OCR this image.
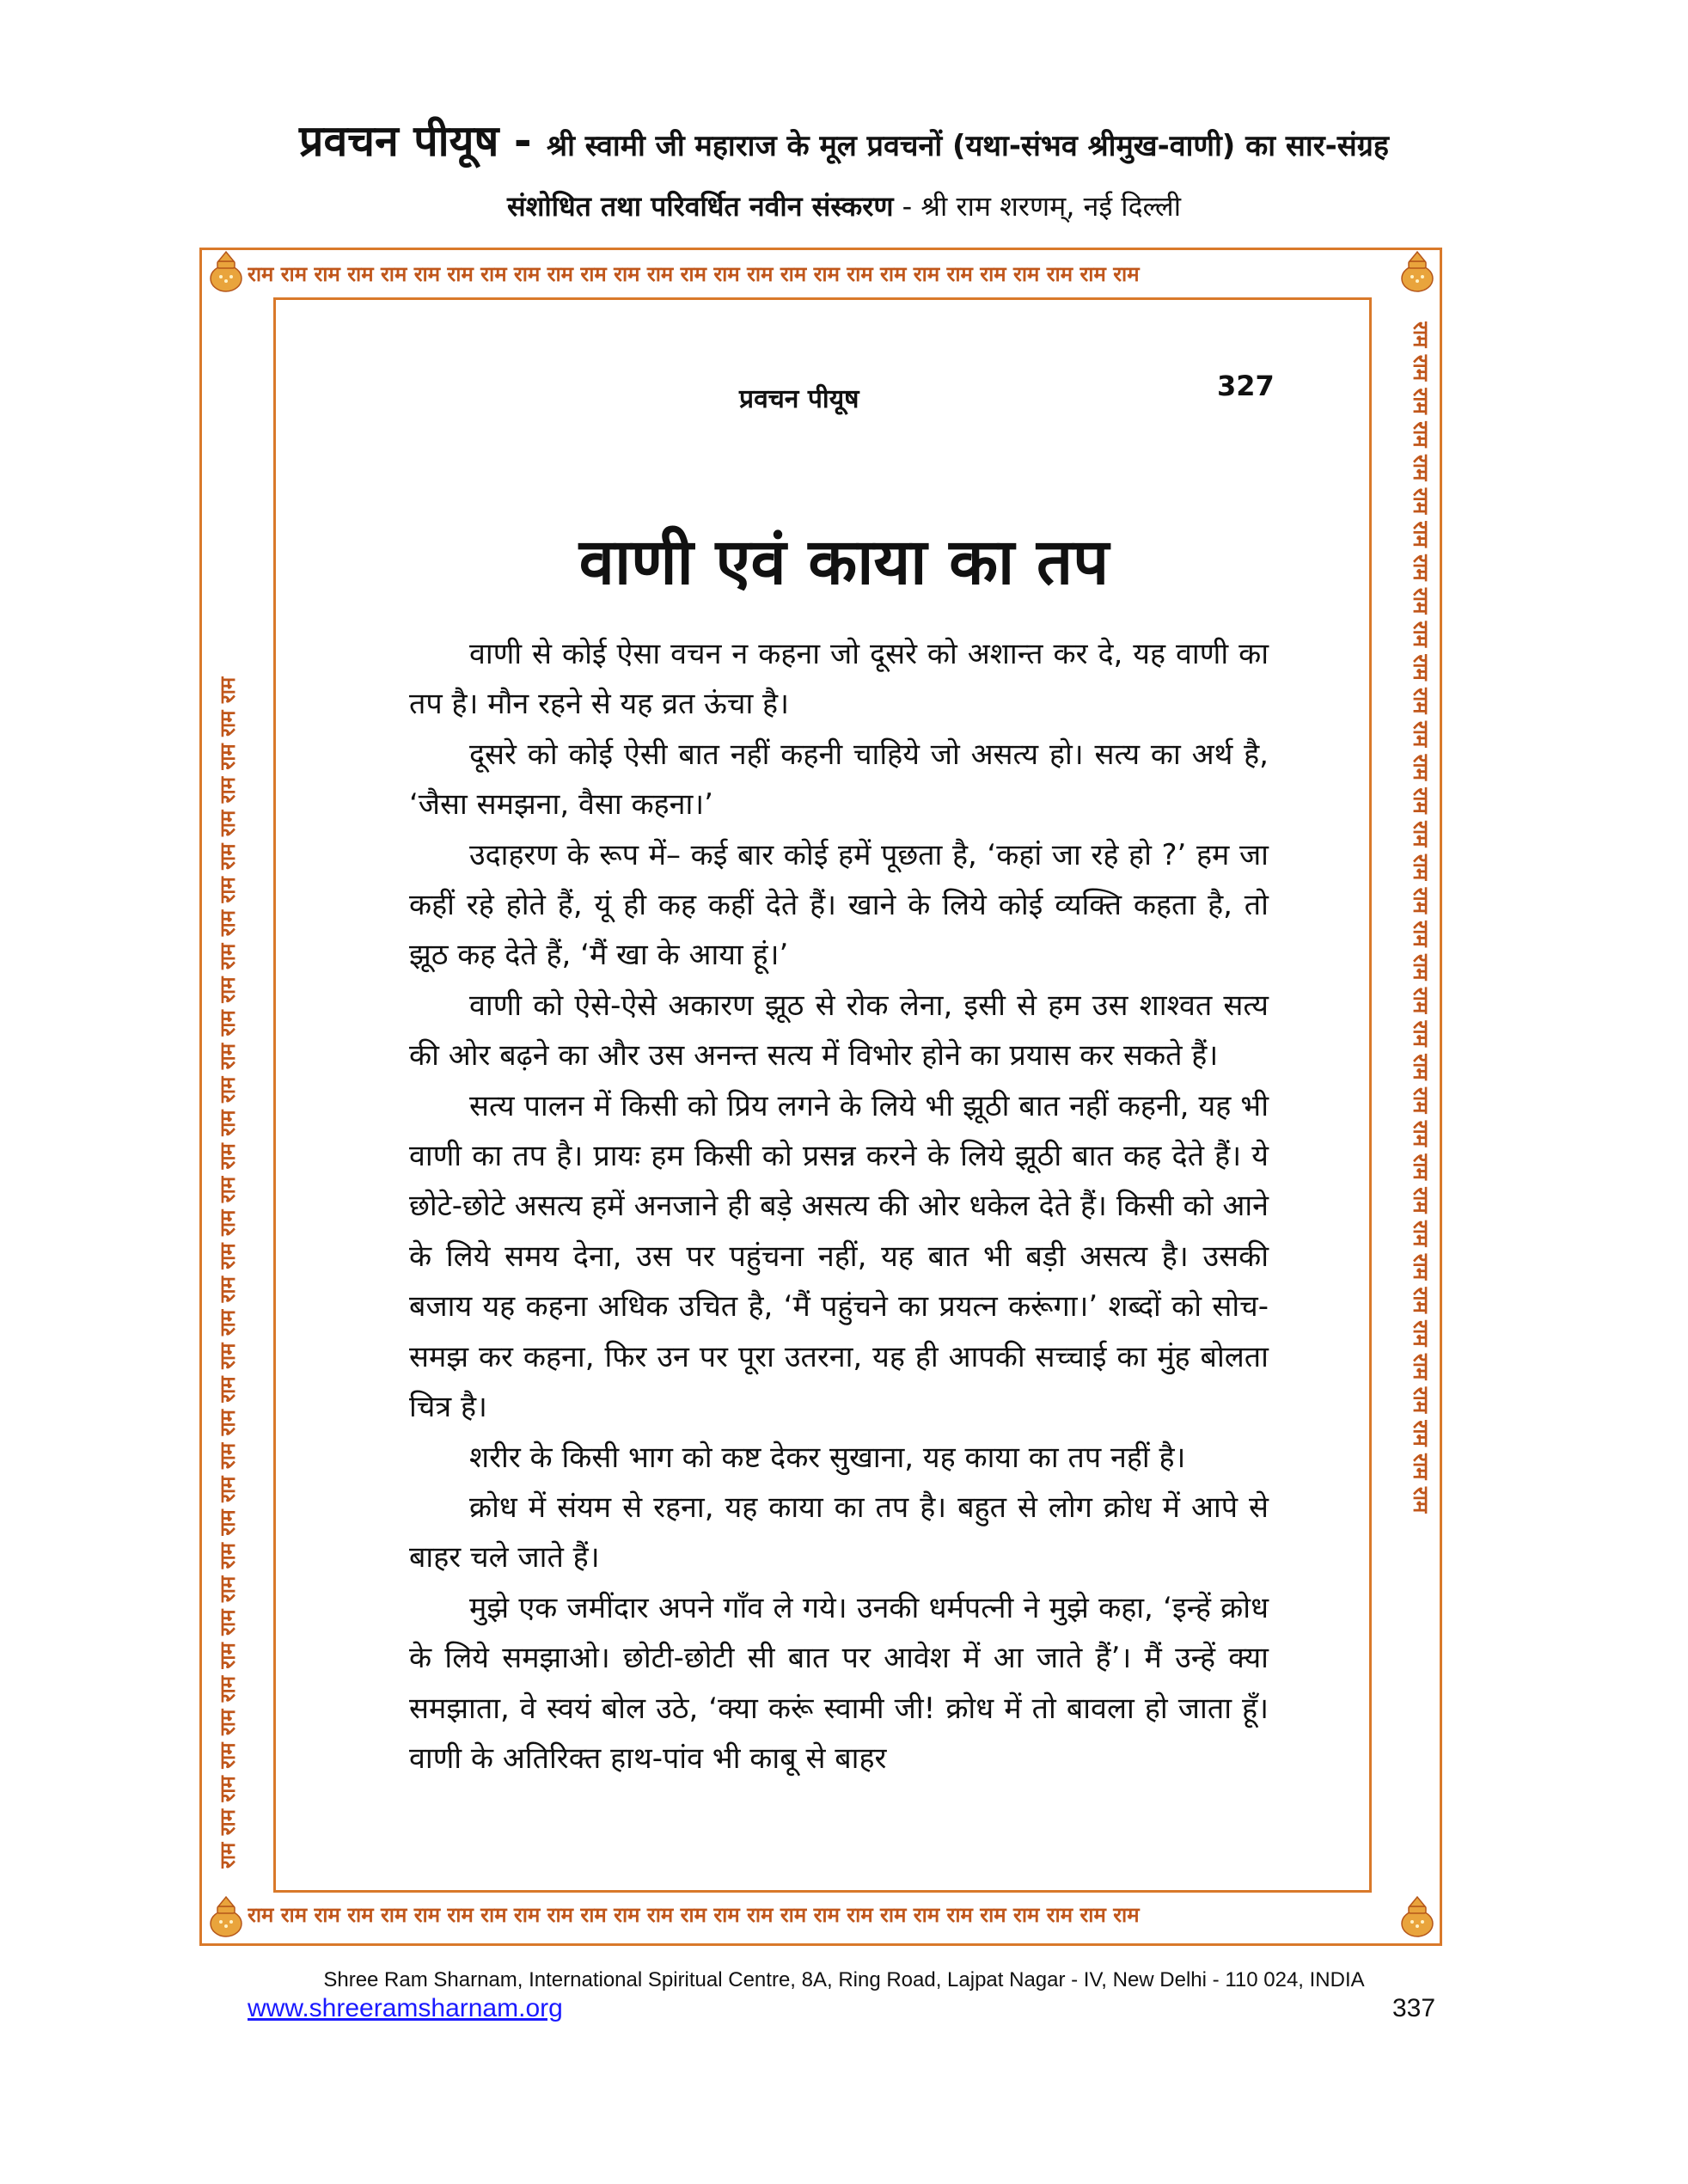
प्रवचन पीयूष - श्री स्वामी जी महाराज के मूल प्रवचनों (यथा-संभव श्रीमुख-वाणी) का सार-संग्रह
संशोधित तथा परिवर्धित नवीन संस्करण - श्री राम शरणम्, नई दिल्ली
राम राम राम राम राम राम राम राम राम राम राम राम राम राम राम राम राम राम राम राम राम राम राम राम राम राम राम
राम राम राम राम राम राम राम राम राम राम राम राम राम राम राम राम राम राम राम राम राम राम राम राम राम राम राम
राम राम राम राम राम राम राम राम राम राम राम राम राम राम राम राम राम राम राम राम राम राम राम राम राम राम राम राम राम राम राम राम राम राम राम राम	राम राम राम राम राम राम राम राम राम राम राम राम राम राम राम राम राम राम राम राम राम राम राम राम राम राम राम राम राम राम राम राम राम राम राम राम
प्रवचन पीयूष	327
वाणी एवं काया का तप

वाणी से कोई ऐसा वचन न कहना जो दूसरे को अशान्त कर दे, यह वाणी का तप है। मौन रहने से यह व्रत ऊंचा है।

दूसरे को कोई ऐसी बात नहीं कहनी चाहिये जो असत्य हो। सत्य का अर्थ है, ‘जैसा समझना, वैसा कहना।’

उदाहरण के रूप में– कई बार कोई हमें पूछता है, ‘कहां जा रहे हो ?’ हम जा कहीं रहे होते हैं, यूं ही कह कहीं देते हैं। खाने के लिये कोई व्यक्ति कहता है, तो झूठ कह देते हैं, ‘मैं खा के आया हूं।’

वाणी को ऐसे-ऐसे अकारण झूठ से रोक लेना, इसी से हम उस शाश्वत सत्य की ओर बढ़ने का और उस अनन्त सत्य में विभोर होने का प्रयास कर सकते हैं।

सत्य पालन में किसी को प्रिय लगने के लिये भी झूठी बात नहीं कहनी, यह भी वाणी का तप है। प्रायः हम किसी को प्रसन्न करने के लिये झूठी बात कह देते हैं। ये छोटे-छोटे असत्य हमें अनजाने ही बड़े असत्य की ओर धकेल देते हैं। किसी को आने के लिये समय देना, उस पर पहुंचना नहीं, यह बात भी बड़ी असत्य है। उसकी बजाय यह कहना अधिक उचित है, ‘मैं पहुंचने का प्रयत्न करूंगा।’ शब्दों को सोच-समझ कर कहना, फिर उन पर पूरा उतरना, यह ही आपकी सच्चाई का मुंह बोलता चित्र है।

शरीर के किसी भाग को कष्ट देकर सुखाना, यह काया का तप नहीं है।

क्रोध में संयम से रहना, यह काया का तप है। बहुत से लोग क्रोध में आपे से बाहर चले जाते हैं।

मुझे एक जमींदार अपने गाँव ले गये। उनकी धर्मपत्नी ने मुझे कहा, ‘इन्हें क्रोध के लिये समझाओ। छोटी-छोटी सी बात पर आवेश में आ जाते हैं’। मैं उन्हें क्या समझाता, वे स्वयं बोल उठे, ‘क्या करूं स्वामी जी! क्रोध में तो बावला हो जाता हूँ। वाणी के अतिरिक्त हाथ-पांव भी काबू से बाहर

Shree Ram Sharnam, International Spiritual Centre, 8A, Ring Road, Lajpat Nagar - IV, New Delhi - 110 024, INDIA
www.shreeramsharnam.org	337
